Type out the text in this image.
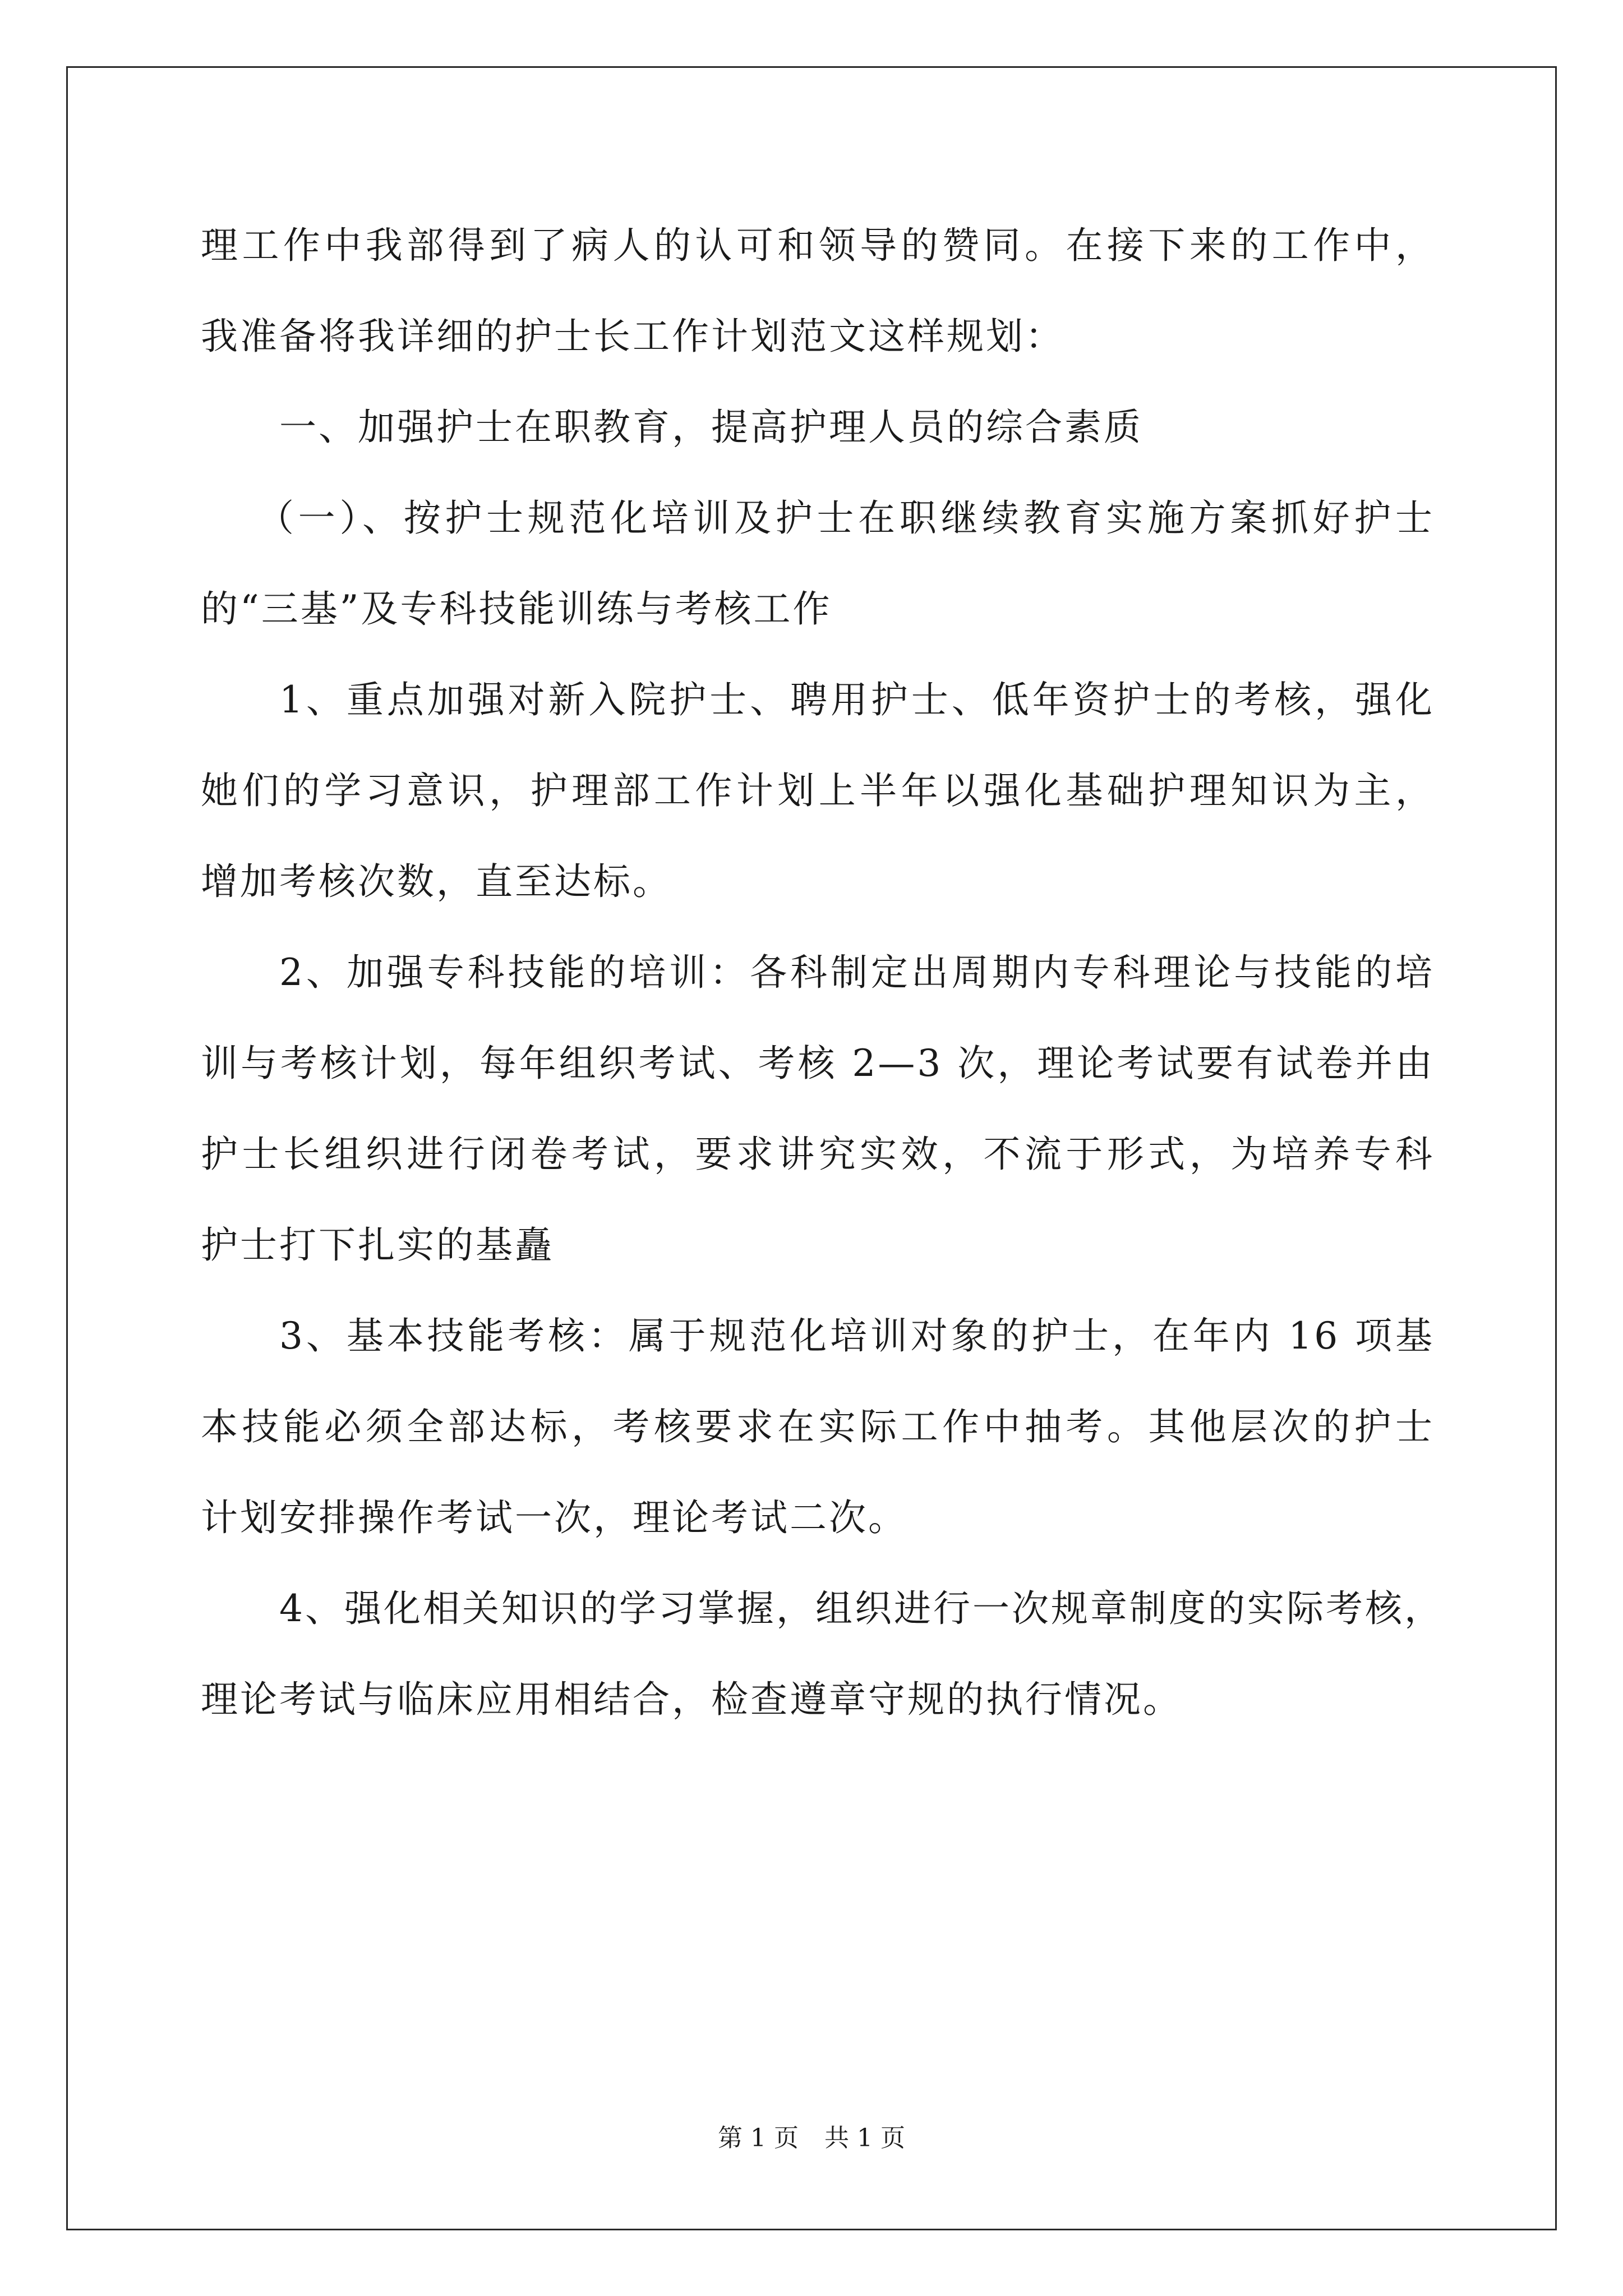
理工作中我部得到了病人的认可和领导的赞同。在接下来的工作中，
我准备将我详细的护士长工作计划范文这样规划：
一、加强护士在职教育，提高护理人员的综合素质
（一）、按护士规范化培训及护士在职继续教育实施方案抓好护士
的“三基”及专科技能训练与考核工作
1、重点加强对新入院护士、聘用护士、低年资护士的考核，强化
她们的学习意识，护理部工作计划上半年以强化基础护理知识为主，
增加考核次数，直至达标。
2、加强专科技能的培训：各科制定出周期内专科理论与技能的培
训与考核计划，每年组织考试、考核 2—3 次，理论考试要有试卷并由
护士长组织进行闭卷考试，要求讲究实效，不流于形式，为培养专科
护士打下扎实的基矗
3、基本技能考核：属于规范化培训对象的护士，在年内 16 项基
本技能必须全部达标，考核要求在实际工作中抽考。其他层次的护士
计划安排操作考试一次，理论考试二次。
4、强化相关知识的学习掌握，组织进行一次规章制度的实际考核，
理论考试与临床应用相结合，检查遵章守规的执行情况。
第 1 页 共 1 页
